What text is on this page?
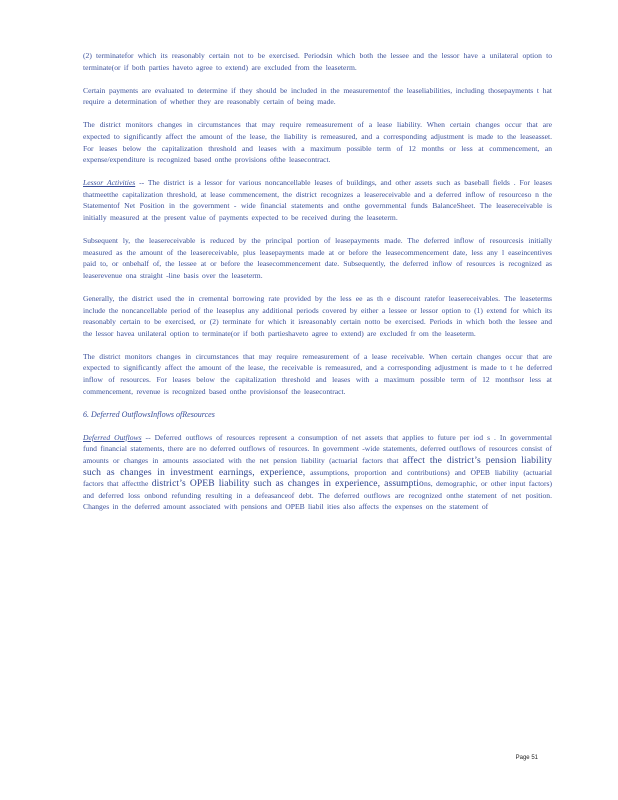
(2) terminatefor which its reasonably certain not to be exercised. Periodsin which both the lessee and the lessor have a unilateral option to terminate(or if both parties haveto agree to extend) are excluded from the leaseterm.

Certain payments are evaluated to determine if they should be included in the measurementof the leaseliabilities, including thosepayments t hat require a determination of whether they are reasonably certain of being made.

The district monitors changes in circumstances that may require remeasurement of a lease liability. When certain changes occur that are expected to significantly affect the amount of the lease, the liability is remeasured, and a corresponding adjustment is made to the leaseasset. For leases below the capitalization threshold and leases with a maximum possible term of 12 months or less at commencement, an expense/expenditure is recognized based onthe provisions ofthe leasecontract.

Lessor Activities -- The district is a lessor for various noncancellable leases of buildings, and other assets such as baseball fields . For leases thatmeetthe capitalization threshold, at lease commencement, the district recognizes a leasereceivable and a deferred inflow of resourceso n the Statementof Net Position in the government - wide financial statements and onthe governmental funds BalanceSheet. The leasereceivable is initially measured at the present value of payments expected to be received during the leaseterm.

Subsequent ly, the leasereceivable is reduced by the principal portion of leasepayments made. The deferred inflow of resourcesis initially measured as the amount of the leasereceivable, plus leasepayments made at or before the leasecommencement date, less any l easeincentives paid to, or onbehalf of, the lessee at or before the leasecommencement date. Subsequently, the deferred inflow of resources is recognized as leaserevenue ona straight -line basis over the leaseterm.

Generally, the district used the in cremental borrowing rate provided by the less ee as th e discount ratefor leasereceivables. The leaseterms include the noncancellable period of the leaseplus any additional periods covered by either a lessee or lessor option to (1) extend for which its reasonably certain to be exercised, or (2) terminate for which it isreasonably certain notto be exercised. Periods in which both the lessee and the lessor havea unilateral option to terminate(or if both partieshaveto agree to extend) are excluded fr om the leaseterm.

The district monitors changes in circumstances that may require remeasurement of a lease receivable. When certain changes occur that are expected to significantly affect the amount of the lease, the receivable is remeasured, and a corresponding adjustment is made to t he deferred inflow of resources. For leases below the capitalization threshold and leases with a maximum possible term of 12 monthsor less at commencement, revenue is recognized based onthe provisionsof the leasecontract.

6. Deferred OutflowsInflows ofResources

Deferred Outflows -- Deferred outflows of resources represent a consumption of net assets that applies to future per iod s . In governmental fund financial statements, there are no deferred outflows of resources. In government -wide statements, deferred outflows of resources consist of amounts or changes in amounts associated with the net pension liability (actuarial factors that affect the district’s pension liability such as changes in investment earnings, experience, assumptions, proportion and contributions) and OPEB liability (actuarial factors that affectthe district’s OPEB liability such as changes in experience, assumptions, demographic, or other input factors) and deferred loss onbond refunding resulting in a defeasanceof debt. The deferred outflows are recognized onthe statement of net position. Changes in the deferred amount associated with pensions and OPEB liabil ities also affects the expenses on the statement of

Page 51
